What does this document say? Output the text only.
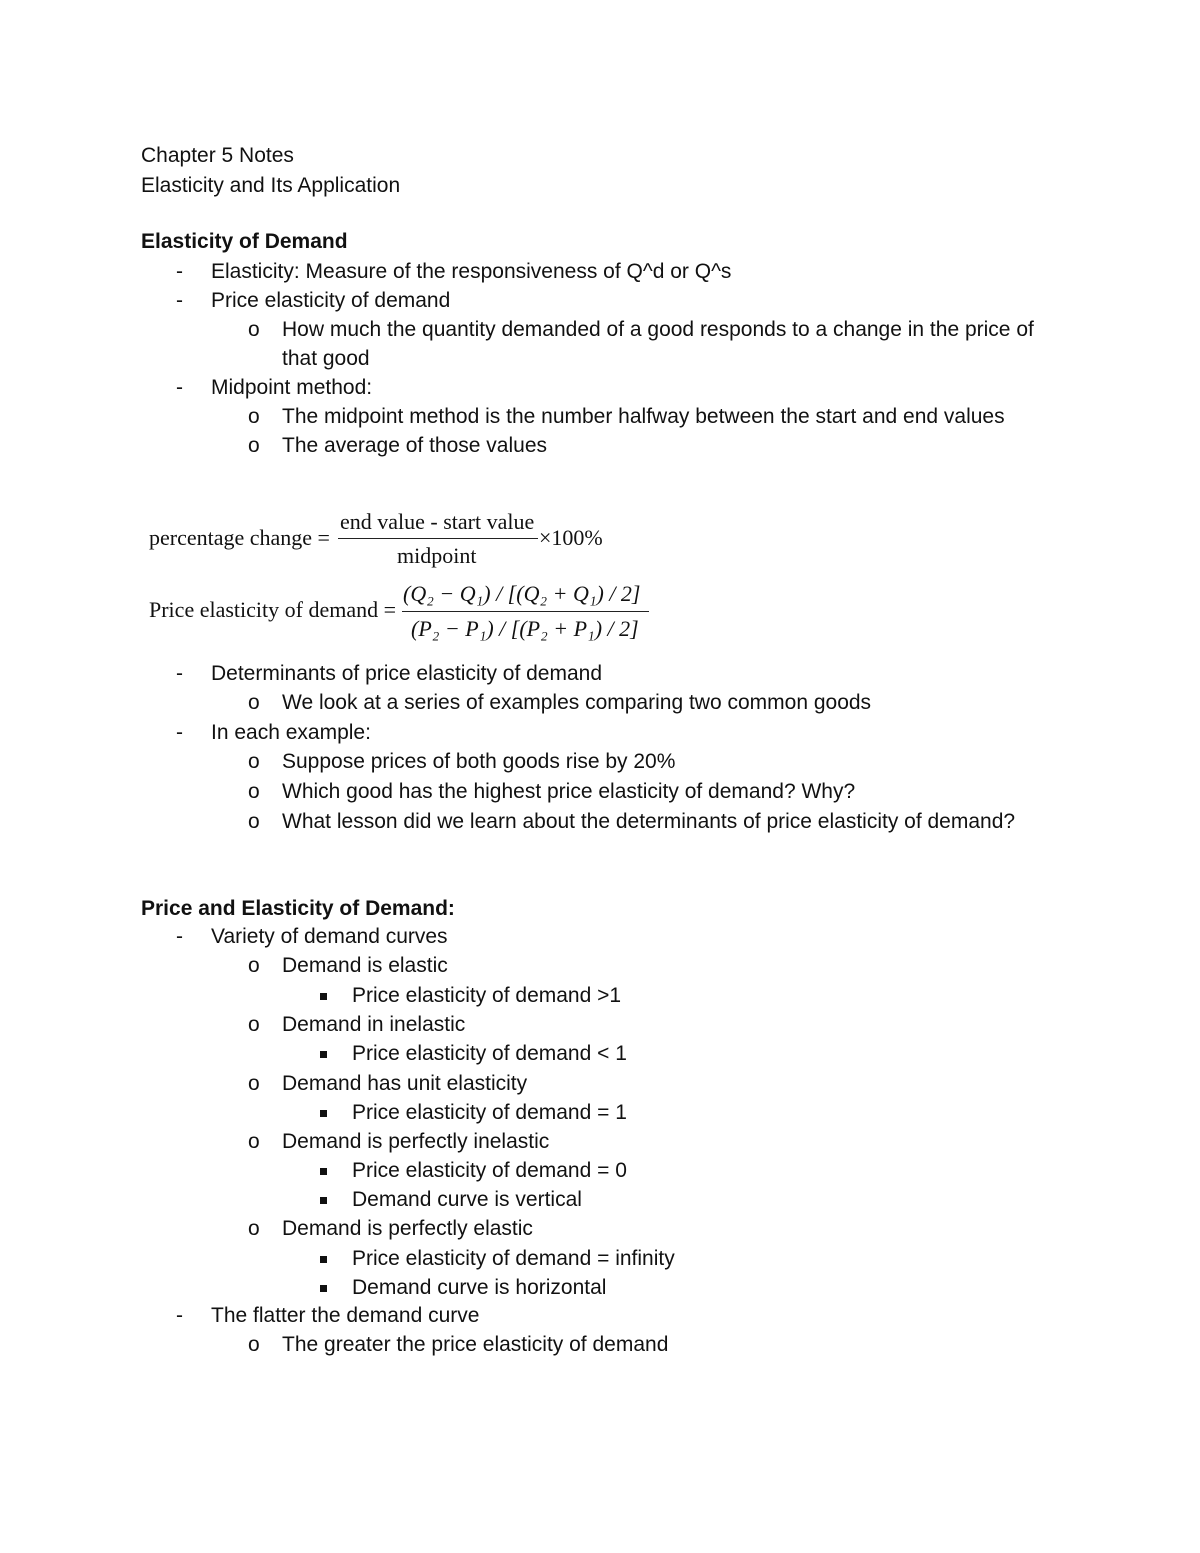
Chapter 5 Notes
Elasticity and Its Application
Elasticity of Demand
- Elasticity: Measure of the responsiveness of Q^d or Q^s
- Price elasticity of demand
o How much the quantity demanded of a good responds to a change in the price of
that good
- Midpoint method:
o The midpoint method is the number halfway between the start and end values
o The average of those values
percentage change =
end value - start value
midpoint
×100%
Price elasticity of demand =
(Q₂ − Q₁) / [(Q₂ + Q₁) / 2]
(P₂ − P₁) / [(P₂ + P₁) / 2]
- Determinants of price elasticity of demand
o We look at a series of examples comparing two common goods
- In each example:
o Suppose prices of both goods rise by 20%
o Which good has the highest price elasticity of demand? Why?
o What lesson did we learn about the determinants of price elasticity of demand?
Price and Elasticity of Demand:
- Variety of demand curves
o Demand is elastic
Price elasticity of demand >1
o Demand in inelastic
Price elasticity of demand < 1
o Demand has unit elasticity
Price elasticity of demand = 1
o Demand is perfectly inelastic
Price elasticity of demand = 0
Demand curve is vertical
o Demand is perfectly elastic
Price elasticity of demand = infinity
Demand curve is horizontal
- The flatter the demand curve
o The greater the price elasticity of demand
